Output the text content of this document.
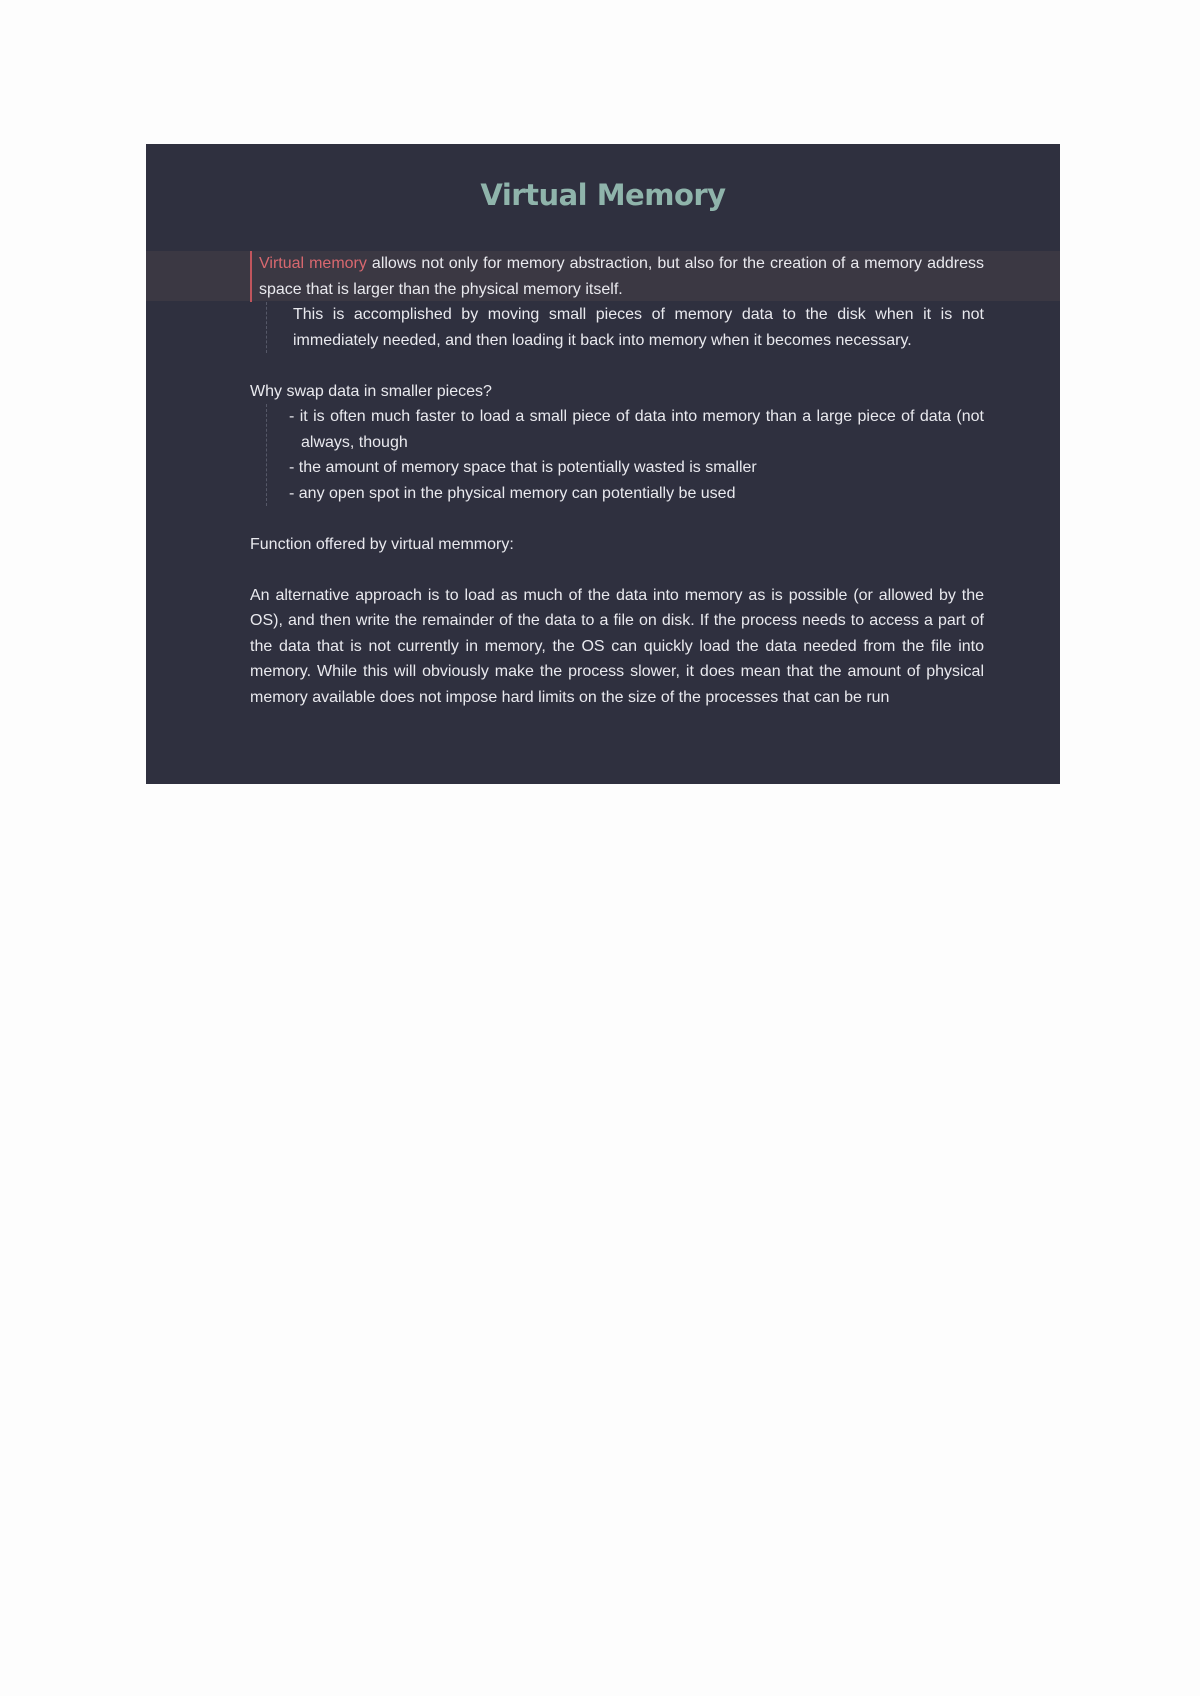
Virtual Memory

Virtual memory allows not only for memory abstraction, but also for the creation of a memory address space that is larger than the physical memory itself.

This is accomplished by moving small pieces of memory data to the disk when it is not immediately needed, and then loading it back into memory when it becomes necessary.

Why swap data in smaller pieces?

- it is often much faster to load a small piece of data into memory than a large piece of data (not always, though

- the amount of memory space that is potentially wasted is smaller

- any open spot in the physical memory can potentially be used

Function offered by virtual memmory:

An alternative approach is to load as much of the data into memory as is possible (or allowed by the OS), and then write the remainder of the data to a file on disk. If the process needs to access a part of the data that is not currently in memory, the OS can quickly load the data needed from the file into memory. While this will obviously make the process slower, it does mean that the amount of physical memory available does not impose hard limits on the size of the processes that can be run
